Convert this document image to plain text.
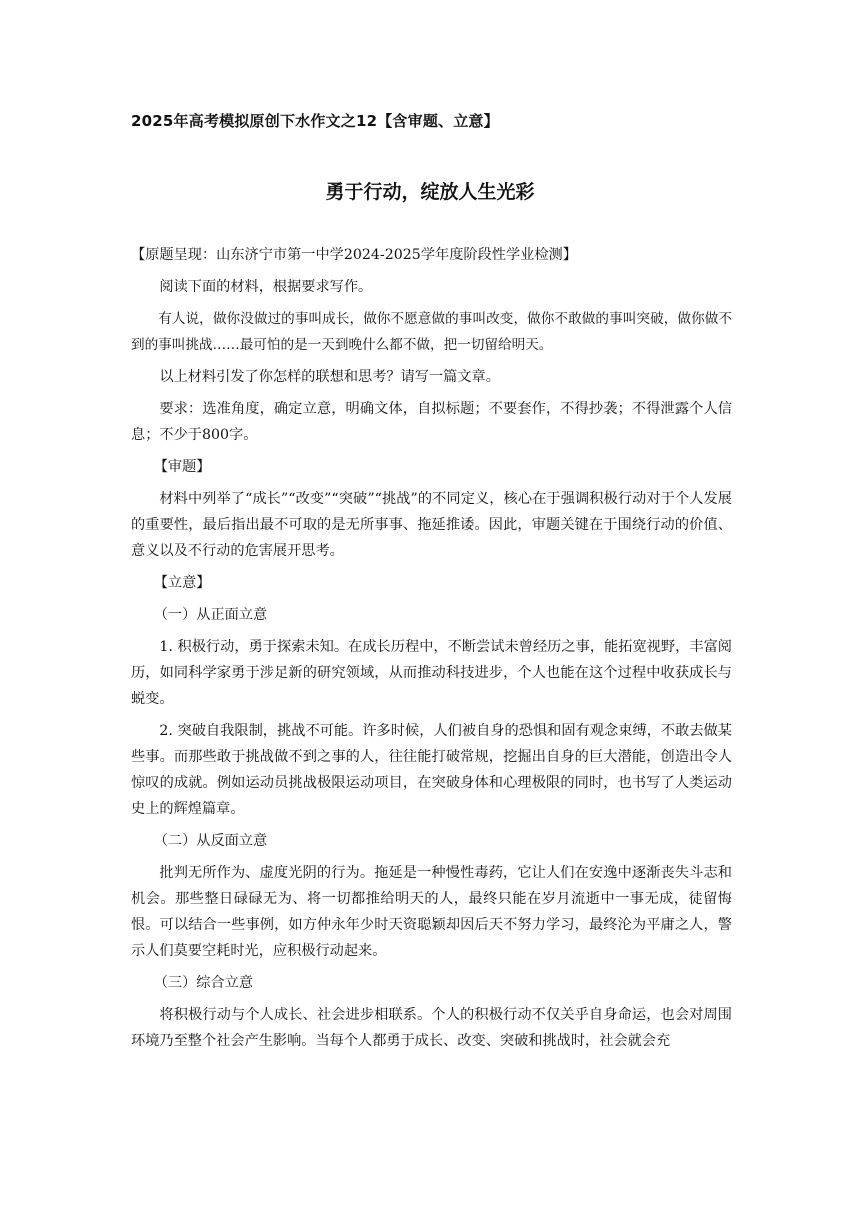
2025年高考模拟原创下水作文之12【含审题、立意】
勇于行动，绽放人生光彩

【原题呈现：山东济宁市第一中学2024-2025学年度阶段性学业检测】

阅读下面的材料，根据要求写作。

有人说，做你没做过的事叫成长，做你不愿意做的事叫改变，做你不敢做的事叫突破，做你做不到的事叫挑战……最可怕的是一天到晚什么都不做，把一切留给明天。

以上材料引发了你怎样的联想和思考？请写一篇文章。

要求：选准角度，确定立意，明确文体，自拟标题；不要套作，不得抄袭；不得泄露个人信息；不少于800字。

【审题】

材料中列举了“成长”“改变”“突破”“挑战”的不同定义，核心在于强调积极行动对于个人发展的重要性，最后指出最不可取的是无所事事、拖延推诿。因此，审题关键在于围绕行动的价值、意义以及不行动的危害展开思考。

【立意】

（一）从正面立意

1. 积极行动，勇于探索未知。在成长历程中，不断尝试未曾经历之事，能拓宽视野，丰富阅历，如同科学家勇于涉足新的研究领域，从而推动科技进步，个人也能在这个过程中收获成长与蜕变。

2. 突破自我限制，挑战不可能。许多时候，人们被自身的恐惧和固有观念束缚，不敢去做某些事。而那些敢于挑战做不到之事的人，往往能打破常规，挖掘出自身的巨大潜能，创造出令人惊叹的成就。例如运动员挑战极限运动项目，在突破身体和心理极限的同时，也书写了人类运动史上的辉煌篇章。

（二）从反面立意

批判无所作为、虚度光阴的行为。拖延是一种慢性毒药，它让人们在安逸中逐渐丧失斗志和机会。那些整日碌碌无为、将一切都推给明天的人，最终只能在岁月流逝中一事无成，徒留悔恨。可以结合一些事例，如方仲永年少时天资聪颖却因后天不努力学习，最终沦为平庸之人，警示人们莫要空耗时光，应积极行动起来。

（三）综合立意

将积极行动与个人成长、社会进步相联系。个人的积极行动不仅关乎自身命运，也会对周围环境乃至整个社会产生影响。当每个人都勇于成长、改变、突破和挑战时，社会就会充
